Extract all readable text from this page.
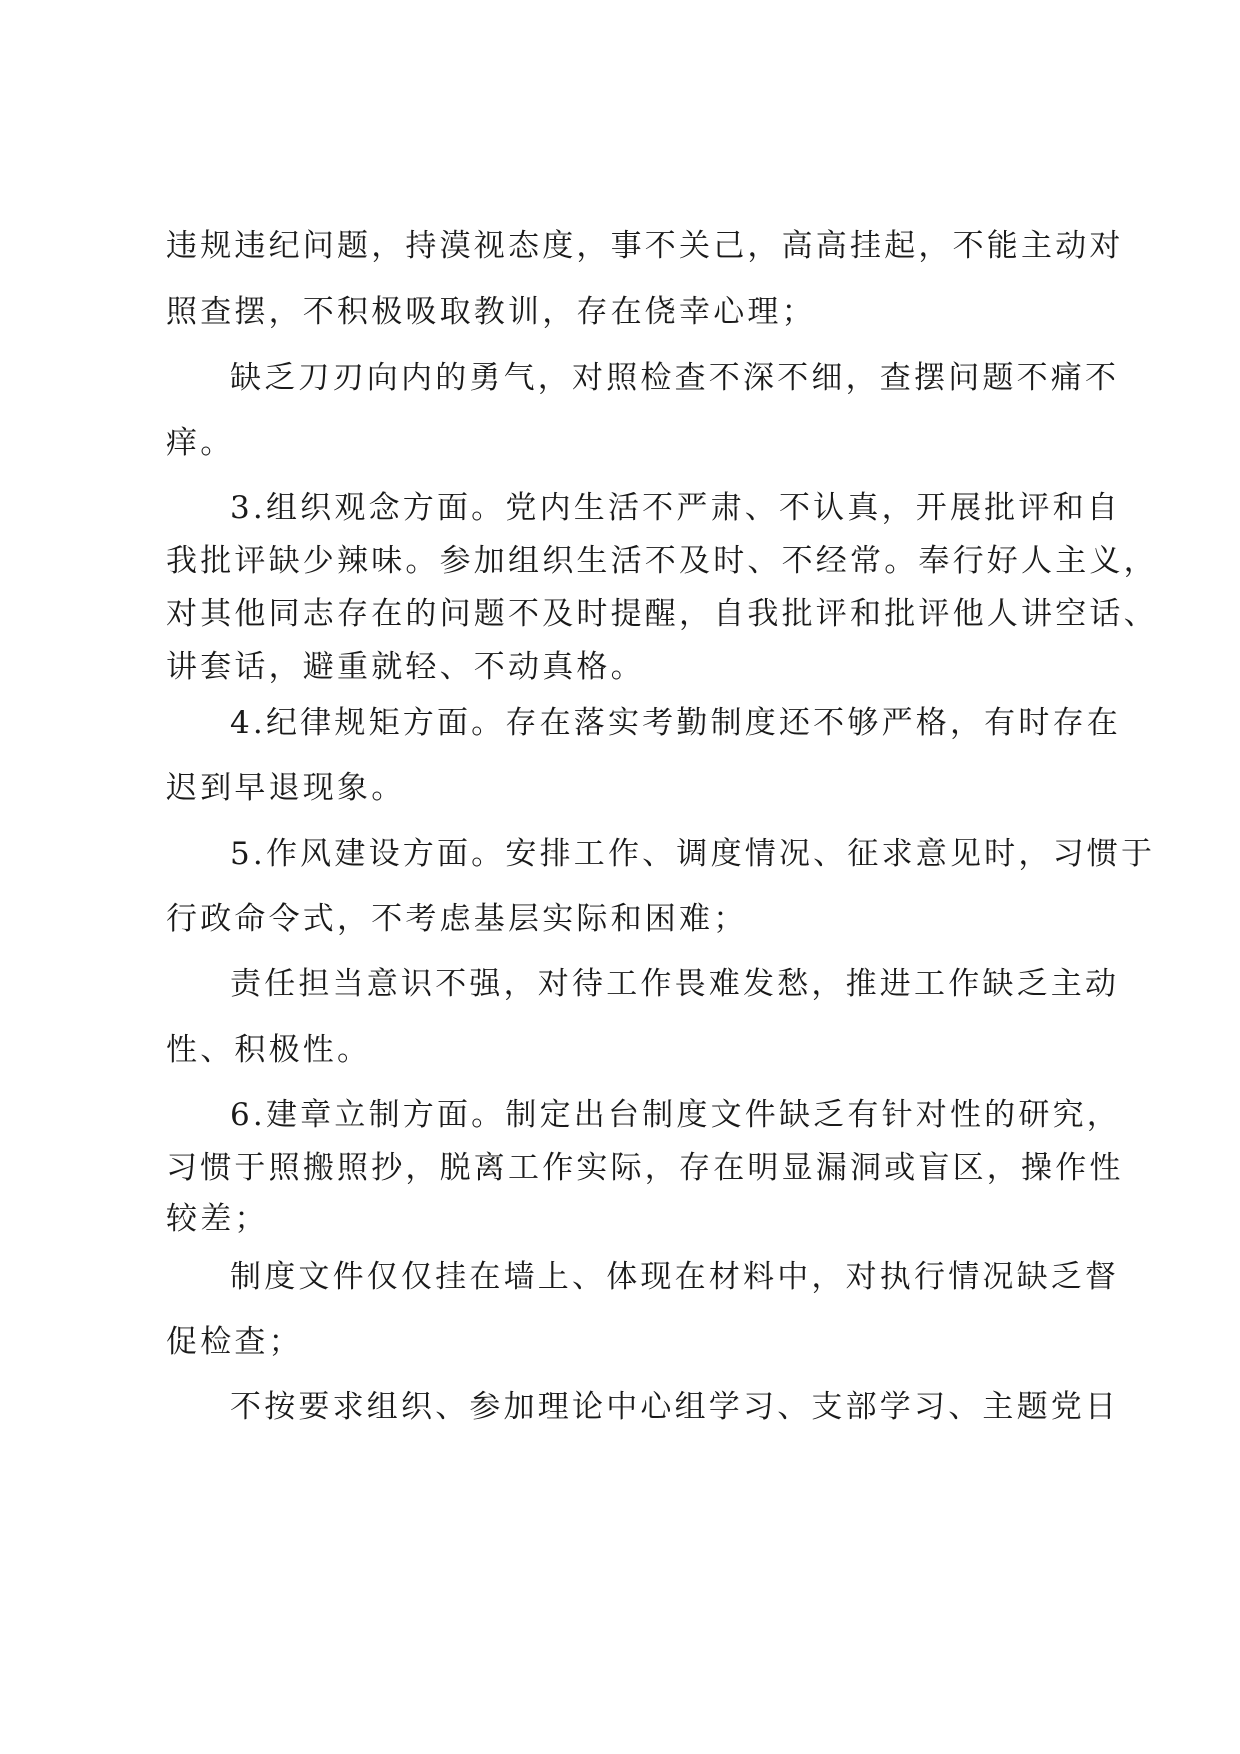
违规违纪问题，持漠视态度，事不关己，高高挂起，不能主动对
照查摆，不积极吸取教训，存在侥幸心理；
缺乏刀刃向内的勇气，对照检查不深不细，查摆问题不痛不
痒。
3.组织观念方面。党内生活不严肃、不认真，开展批评和自
我批评缺少辣味。参加组织生活不及时、不经常。奉行好人主义，
对其他同志存在的问题不及时提醒，自我批评和批评他人讲空话、
讲套话，避重就轻、不动真格。
4.纪律规矩方面。存在落实考勤制度还不够严格，有时存在
迟到早退现象。
5.作风建设方面。安排工作、调度情况、征求意见时，习惯于
行政命令式，不考虑基层实际和困难；
责任担当意识不强，对待工作畏难发愁，推进工作缺乏主动
性、积极性。
6.建章立制方面。制定出台制度文件缺乏有针对性的研究，
习惯于照搬照抄，脱离工作实际，存在明显漏洞或盲区，操作性
较差；
制度文件仅仅挂在墙上、体现在材料中，对执行情况缺乏督
促检查；
不按要求组织、参加理论中心组学习、支部学习、主题党日
